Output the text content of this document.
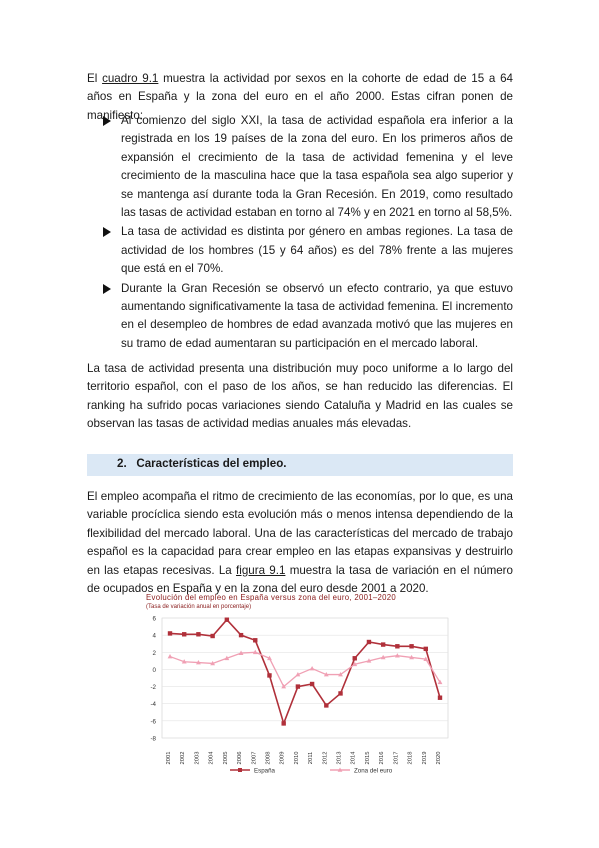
El cuadro 9.1 muestra la actividad por sexos en la cohorte de edad de 15 a 64 años en España y la zona del euro en el año 2000. Estas cifran ponen de manifiesto:

Al comienzo del siglo XXI, la tasa de actividad española era inferior a la registrada en los 19 países de la zona del euro. En los primeros años de expansión el crecimiento de la tasa de actividad femenina y el leve crecimiento de la masculina hace que la tasa española sea algo superior y se mantenga así durante toda la Gran Recesión. En 2019, como resultado las tasas de actividad estaban en torno al 74% y en 2021 en torno al 58,5%.
La tasa de actividad es distinta por género en ambas regiones. La tasa de actividad de los hombres (15 y 64 años) es del 78% frente a las mujeres que está en el 70%.
Durante la Gran Recesión se observó un efecto contrario, ya que estuvo aumentando significativamente la tasa de actividad femenina. El incremento en el desempleo de hombres de edad avanzada motivó que las mujeres en su tramo de edad aumentaran su participación en el mercado laboral.

La tasa de actividad presenta una distribución muy poco uniforme a lo largo del territorio español, con el paso de los años, se han reducido las diferencias. El ranking ha sufrido pocas variaciones siendo Cataluña y Madrid en las cuales se observan las tasas de actividad medias anuales más elevadas.

2. Características del empleo.

El empleo acompaña el ritmo de crecimiento de las economías, por lo que, es una variable procíclica siendo esta evolución más o menos intensa dependiendo de la flexibilidad del mercado laboral. Una de las características del mercado de trabajo español es la capacidad para crear empleo en las etapas expansivas y destruirlo en las etapas recesivas. La figura 9.1 muestra la tasa de variación en el número de ocupados en España y en la zona del euro desde 2001 a 2020.

Evolución del empleo en España versus zona del euro, 2001–2020
(Tasa de variación anual en porcentaje)
6
4
2
0
-2
-4
-6
-8
2001 2002 2003 2004 2005 2006 2007 2008 2009 2010 2011 2012 2013 2014 2015 2016 2017 2018 2019 2020
España	Zona del euro
